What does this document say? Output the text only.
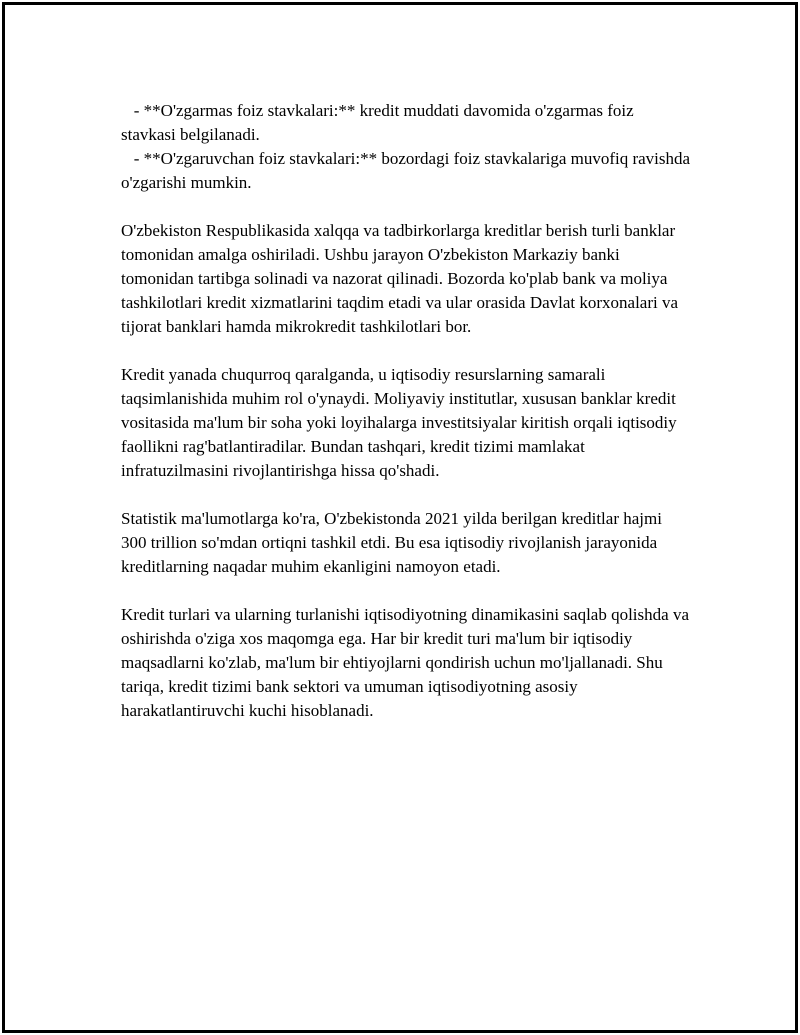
- **O'zgarmas foiz stavkalari:** kredit muddati davomida o'zgarmas foiz stavkasi belgilanadi.

- **O'zgaruvchan foiz stavkalari:** bozordagi foiz stavkalariga muvofiq ravishda o'zgarishi mumkin.

O'zbekiston Respublikasida xalqqa va tadbirkorlarga kreditlar berish turli banklar tomonidan amalga oshiriladi. Ushbu jarayon O'zbekiston Markaziy banki tomonidan tartibga solinadi va nazorat qilinadi. Bozorda ko'plab bank va moliya tashkilotlari kredit xizmatlarini taqdim etadi va ular orasida Davlat korxonalari va tijorat banklari hamda mikrokredit tashkilotlari bor.

Kredit yanada chuqurroq qaralganda, u iqtisodiy resurslarning samarali taqsimlanishida muhim rol o'ynaydi. Moliyaviy institutlar, xususan banklar kredit vositasida ma'lum bir soha yoki loyihalarga investitsiyalar kiritish orqali iqtisodiy faollikni rag'batlantiradilar. Bundan tashqari, kredit tizimi mamlakat infratuzilmasini rivojlantirishga hissa qo'shadi.

Statistik ma'lumotlarga ko'ra, O'zbekistonda 2021 yilda berilgan kreditlar hajmi 300 trillion so'mdan ortiqni tashkil etdi. Bu esa iqtisodiy rivojlanish jarayonida kreditlarning naqadar muhim ekanligini namoyon etadi.

Kredit turlari va ularning turlanishi iqtisodiyotning dinamikasini saqlab qolishda va oshirishda o'ziga xos maqomga ega. Har bir kredit turi ma'lum bir iqtisodiy maqsadlarni ko'zlab, ma'lum bir ehtiyojlarni qondirish uchun mo'ljallanadi. Shu tariqa, kredit tizimi bank sektori va umuman iqtisodiyotning asosiy harakatlantiruvchi kuchi hisoblanadi.
